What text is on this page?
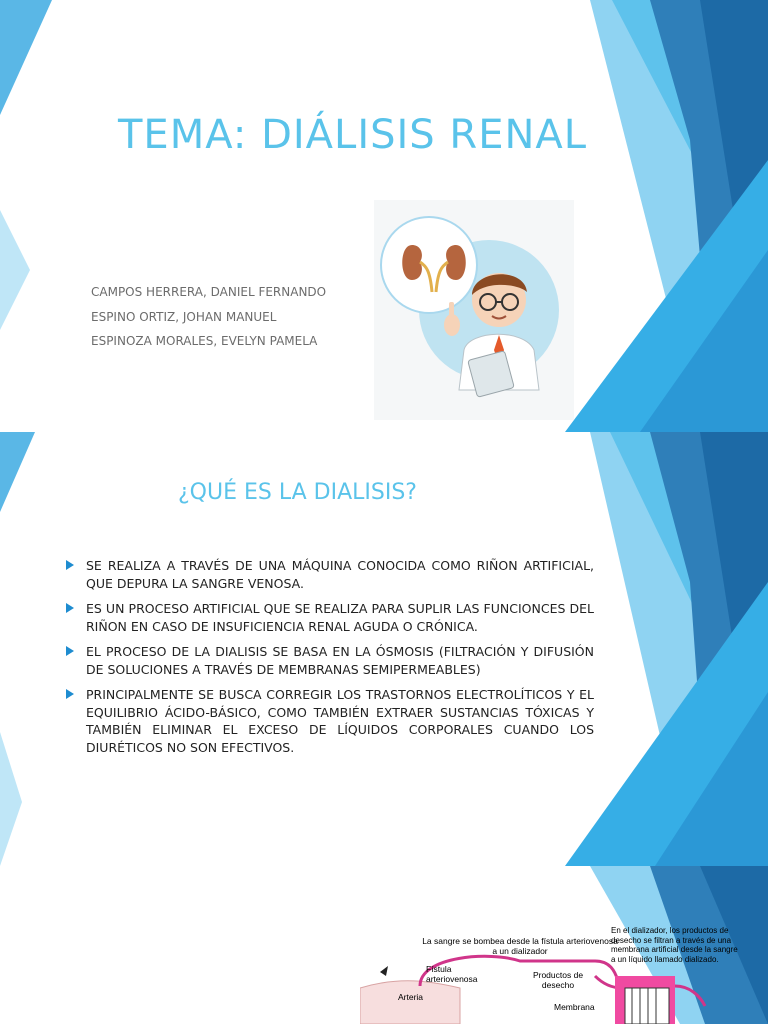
TEMA: DIÁLISIS RENAL
CAMPOS HERRERA, DANIEL FERNANDO
ESPINO ORTIZ, JOHAN MANUEL
ESPINOZA MORALES, EVELYN PAMELA
¿QUÉ ES LA DIALISIS?
SE REALIZA A TRAVÉS DE UNA MÁQUINA CONOCIDA COMO RIÑON ARTIFICIAL, QUE DEPURA LA SANGRE VENOSA.
ES UN PROCESO ARTIFICIAL QUE SE REALIZA PARA SUPLIR LAS FUNCIONCES DEL RIÑON EN CASO DE INSUFICIENCIA RENAL AGUDA O CRÓNICA.
EL PROCESO DE LA DIALISIS SE BASA EN LA ÓSMOSIS (FILTRACIÓN Y DIFUSIÓN DE SOLUCIONES A TRAVÉS DE MEMBRANAS SEMIPERMEABLES)
PRINCIPALMENTE SE BUSCA CORREGIR LOS TRASTORNOS ELECTROLÍTICOS Y EL EQUILIBRIO ÁCIDO-BÁSICO, COMO TAMBIÉN EXTRAER SUSTANCIAS TÓXICAS Y TAMBIÉN ELIMINAR EL EXCESO DE LÍQUIDOS CORPORALES CUANDO LOS DIURÉTICOS NO SON EFECTIVOS.
La sangre se bombea desde la fístula arteriovenosa a un dializador
En el dializador, los productos de desecho se filtran a través de una membrana artificial desde la sangre a un líquido llamado dializado.
Fístula arteriovenosa
Arteria
Productos de desecho
Membrana
